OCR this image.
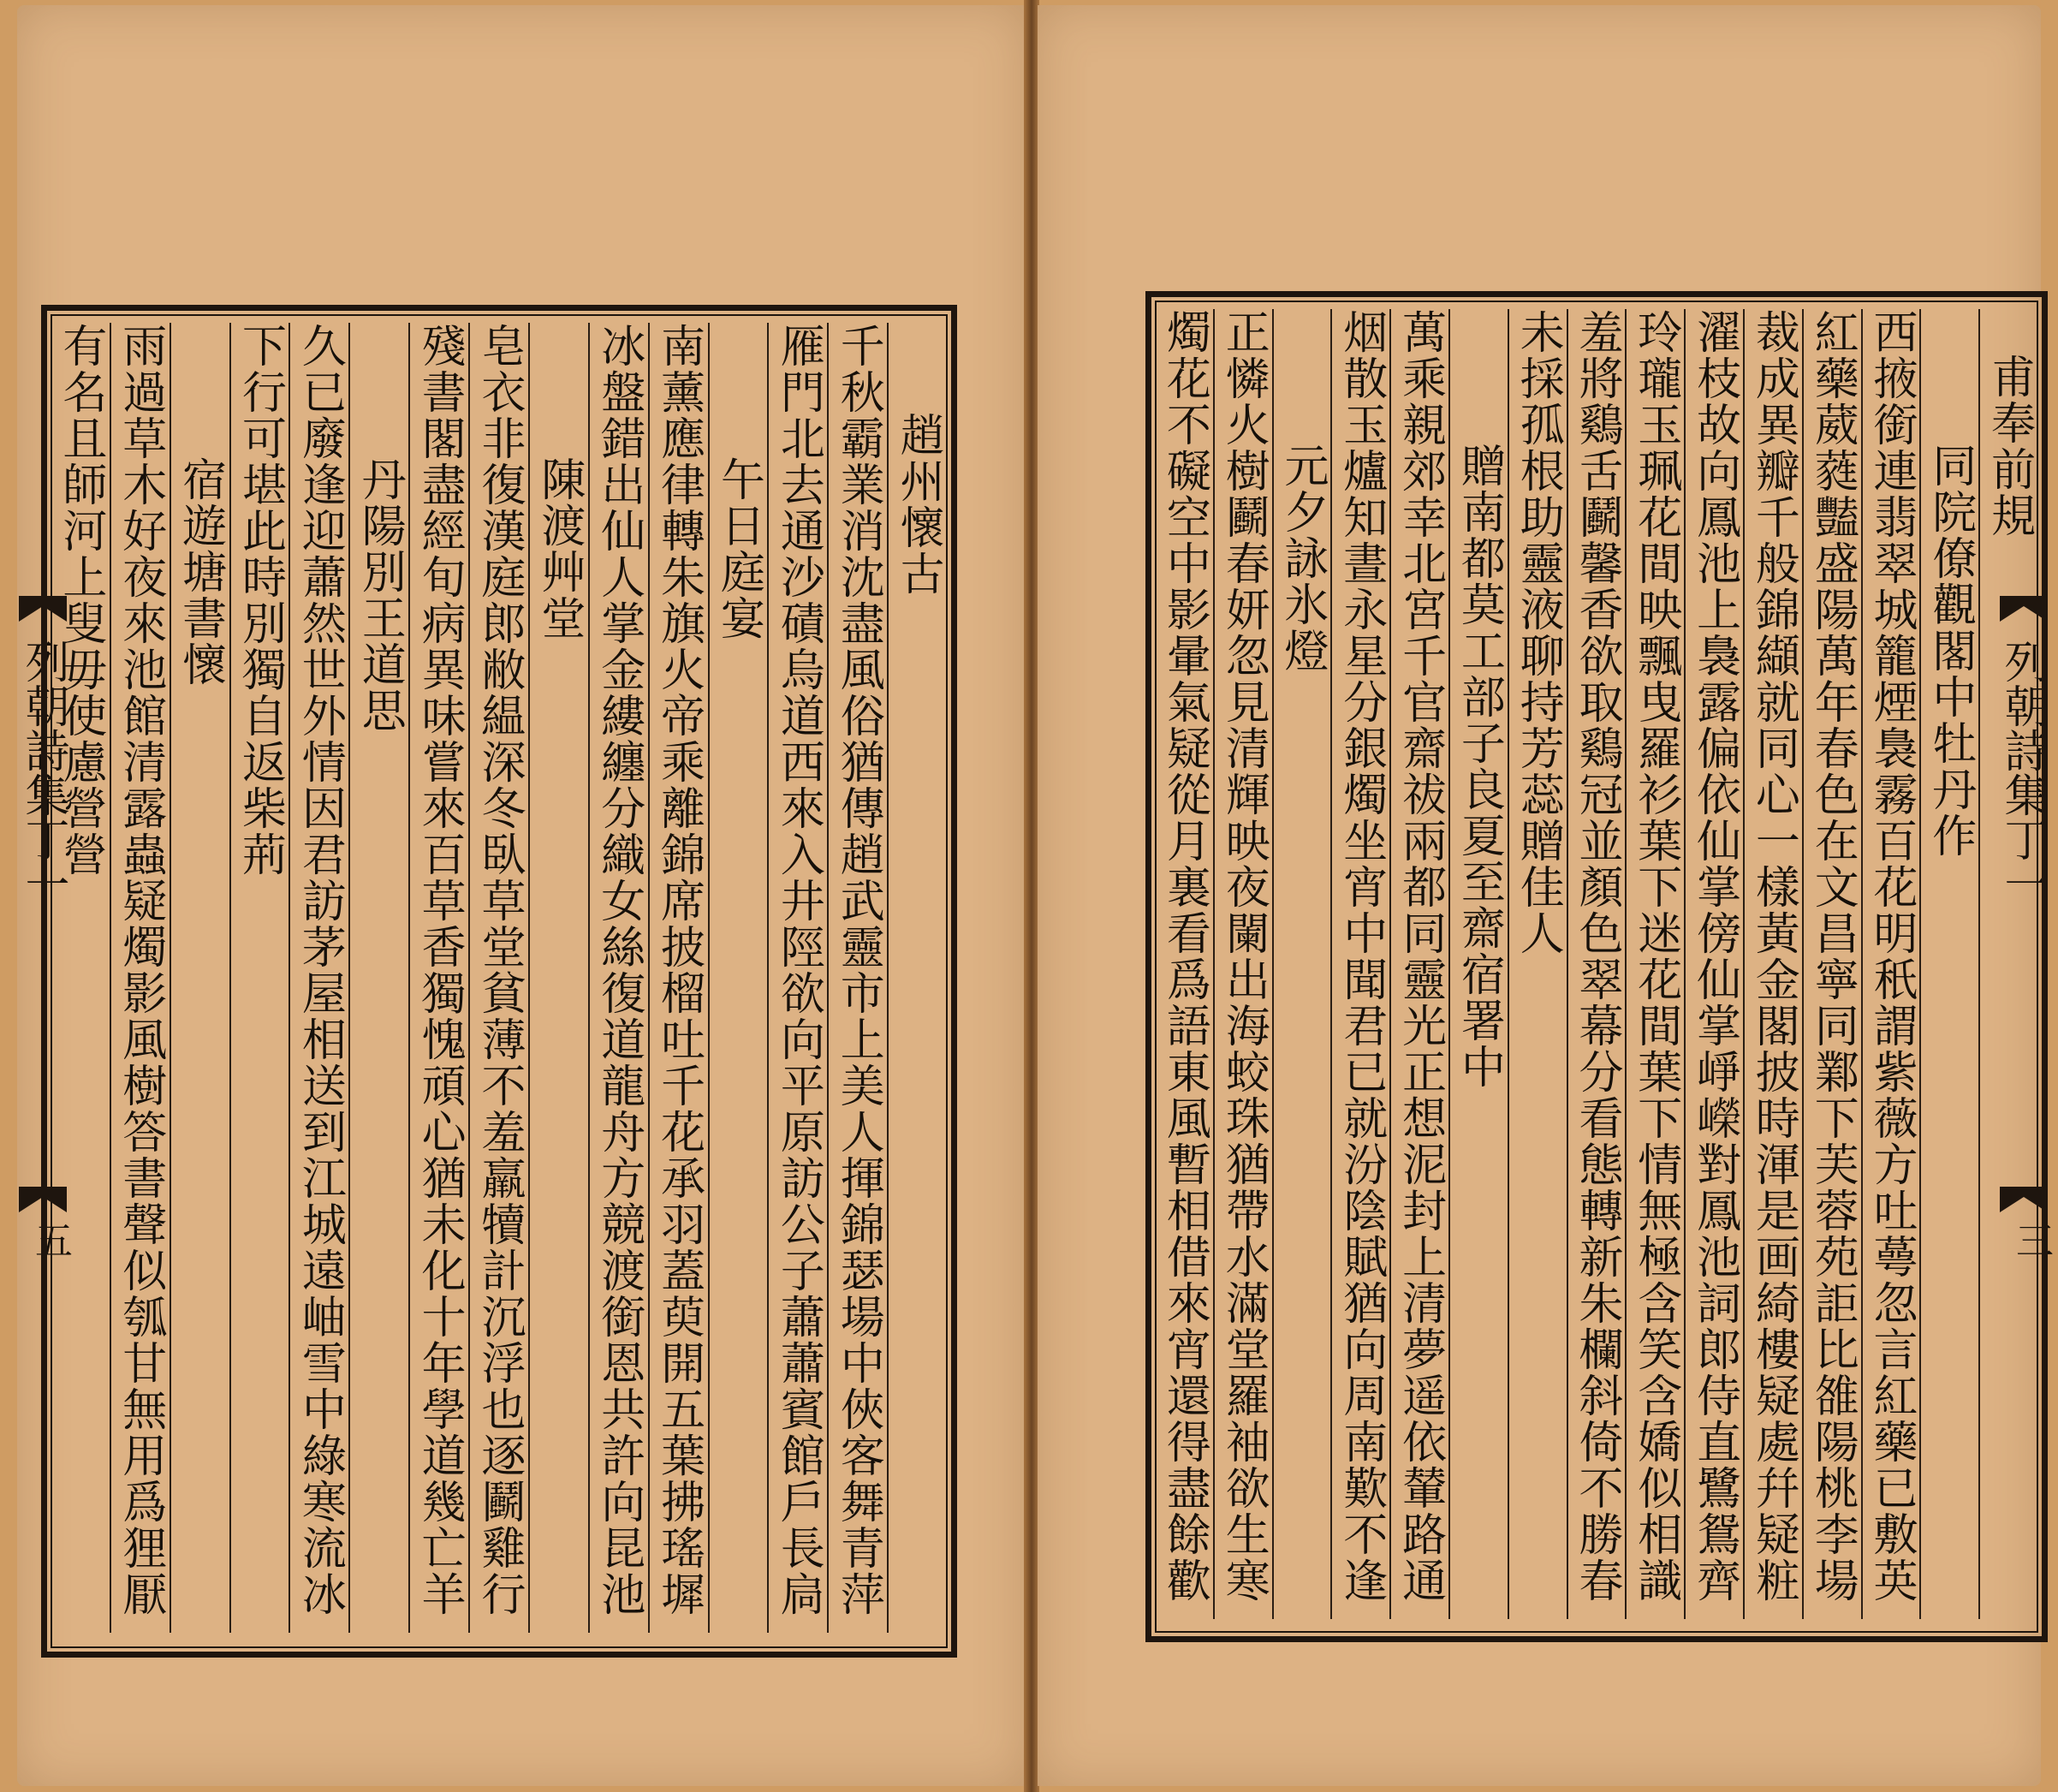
列朝詩集丁一
五
趙州懷古
千秋霸業消沈盡風俗猶傳趙武靈市上美人揮錦瑟場中俠客舞青萍
雁門北去通沙磧烏道西來入井陘欲向平原訪公子蕭蕭賓館戶長扃
午日庭宴
南薰應律轉朱旗火帝乘離錦席披榴吐千花承羽蓋萸開五葉拂瑤墀
冰盤錯出仙人掌金縷纏分織女絲復道龍舟方競渡銜恩共許向昆池
陳渡艸堂
皂衣非復漢庭郎敝緼深冬臥草堂貧薄不羞羸犢計沉浮也逐鬬雞行
殘書閣盡經旬病異味嘗來百草香獨愧頑心猶未化十年學道幾亡羊
丹陽別王道思
久已廢逢迎蕭然世外情因君訪茅屋相送到江城遠岫雪中綠寒流冰
下行可堪此時別獨自返柴荊
宿遊塘書懷
雨過草木好夜來池館清露蟲疑燭影風樹答書聲似瓠甘無用爲狸厭
有名且師河上叟毋使慮營營	列朝詩集丁一
三
甫奉前規
同院僚觀閣中牡丹作
西掖銜連翡翠城籠煙裊霧百花明秖謂紫薇方吐蕚忽言紅藥已敷英
紅藥葳蕤豔盛陽萬年春色在文昌寧同鄴下芙蓉苑詎比雒陽桃李場
裁成異瓣千般錦纈就同心一樣黃金閣披時渾是画綺樓疑處幷疑粧
濯枝故向鳳池上裊露偏依仙掌傍仙掌崢嶸對鳳池詞郎侍直鷺鴛齊
玲瓏玉珮花間映飄曳羅衫葉下迷花間葉下情無極含笑含嬌似相識
羞將鷄舌鬬馨香欲取鷄冠並顏色翠幕分看態轉新朱欄斜倚不勝春
未採孤根助靈液聊持芳蕊贈佳人
贈南都莫工部子良夏至齋宿署中
萬乘親郊幸北宮千官齋祓兩都同靈光正想泥封上清夢遥依輦路通
烟散玉爐知晝永星分銀燭坐宵中聞君已就汾陰賦猶向周南歎不逢
元夕詠氷燈
正憐火樹鬬春妍忽見清輝映夜闌出海蛟珠猶帶水滿堂羅袖欲生寒
燭花不礙空中影暈氣疑從月裏看爲語東風暫相借來宵還得盡餘歡
